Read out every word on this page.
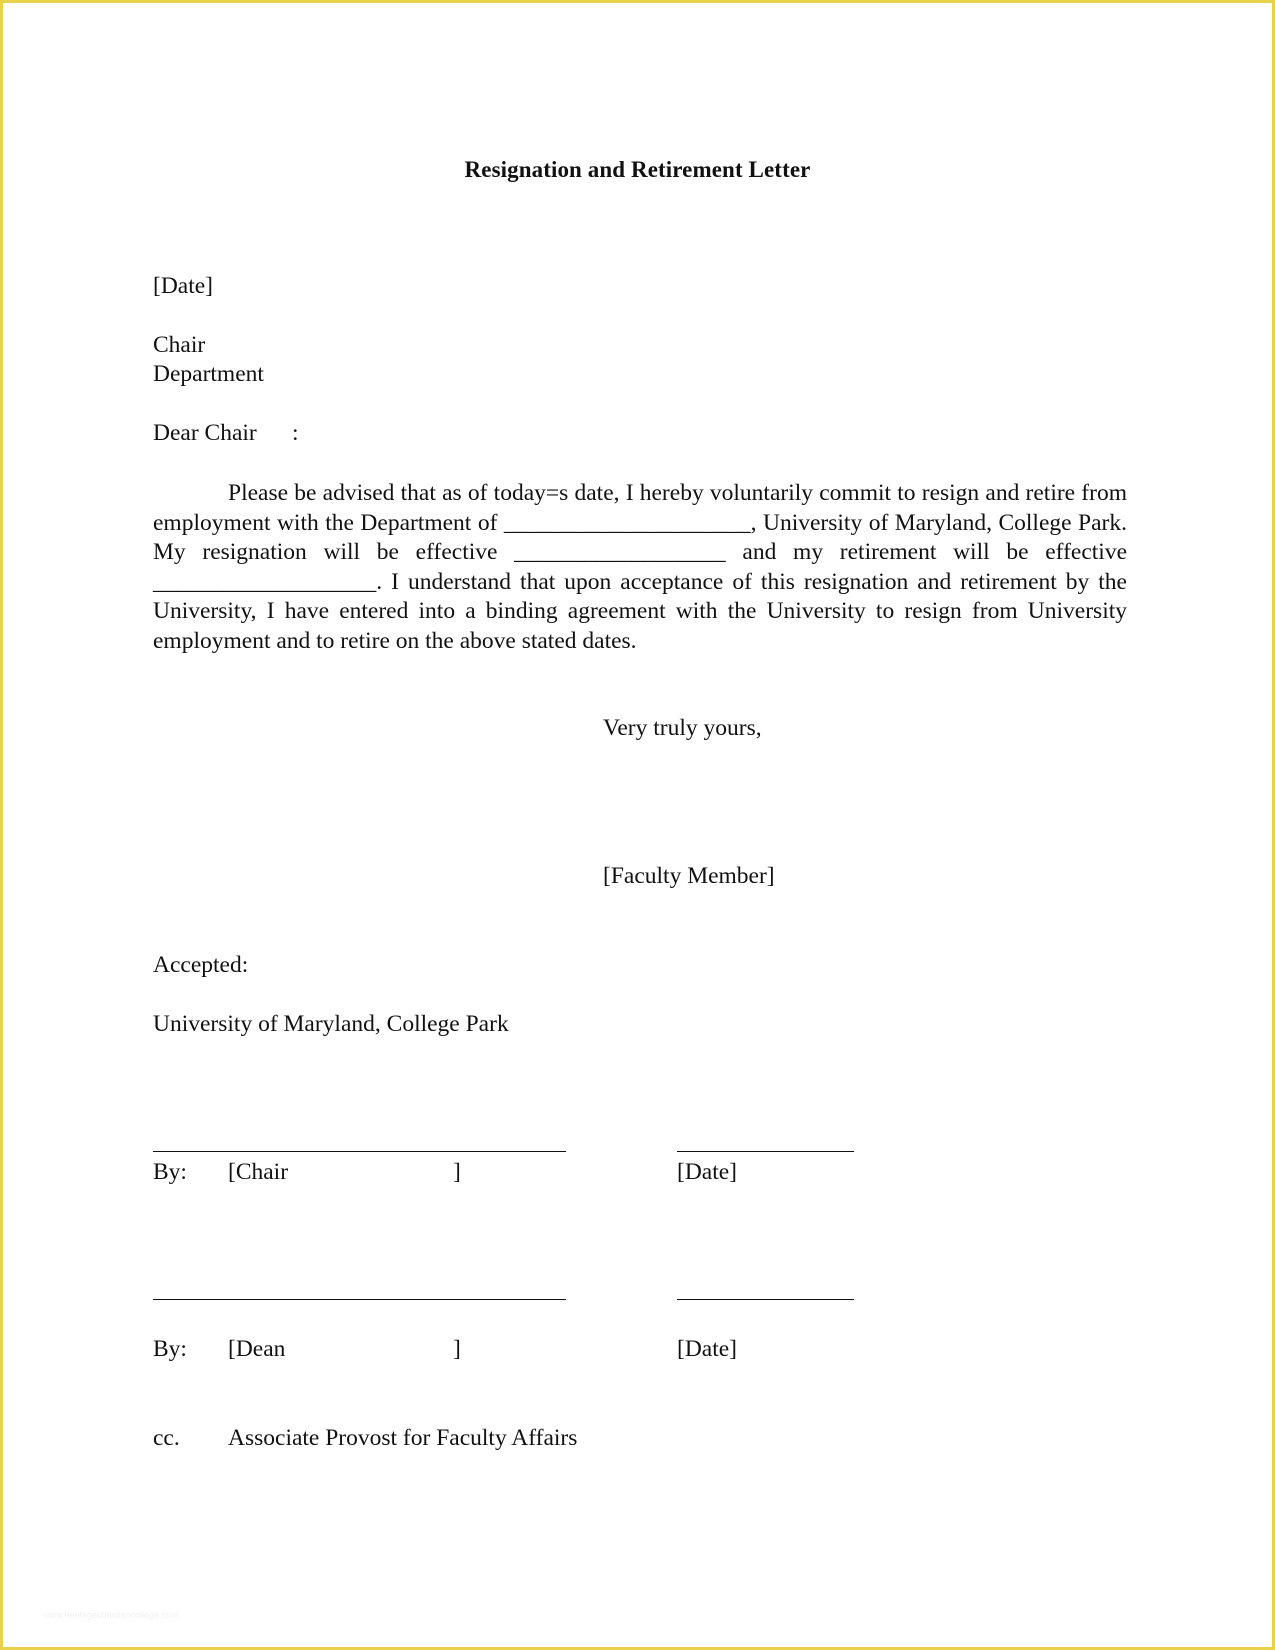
Resignation and Retirement Letter
[Date]
Chair
Department
Dear Chair      :
Please be advised that as of today=s date, I hereby voluntarily commit to resign and retire from employment with the Department of _____________________, University of Maryland, College Park. My resignation will be effective __________________ and my retirement will be effective ___________________. I understand that upon acceptance of this resignation and retirement by the University, I have entered into a binding agreement with the University to resign from University employment and to retire on the above stated dates.
Very truly yours,
[Faculty Member]
Accepted:
University of Maryland, College Park
By: [Chair	]	[Date]
By: [Dean	]	[Date]
cc. Associate Provost for Faculty Affairs
www.heritagechristiancollege.com
